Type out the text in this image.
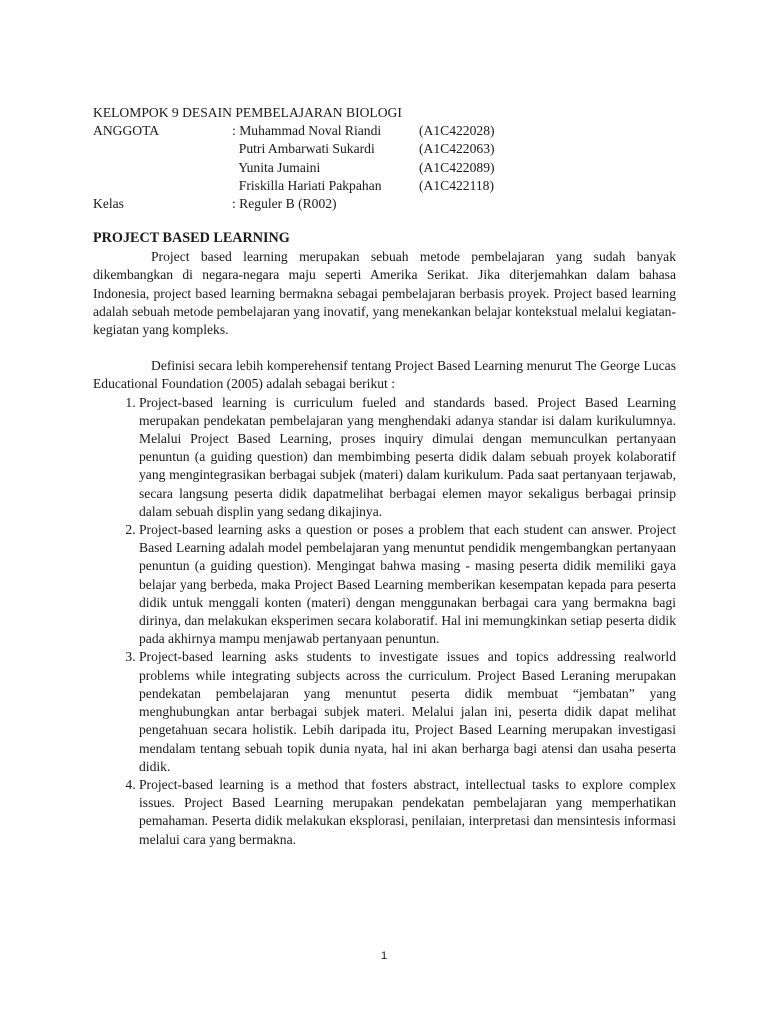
KELOMPOK 9 DESAIN PEMBELAJARAN BIOLOGI
ANGGOTA	: Muhammad Noval Riandi	(A1C422028)
Putri Ambarwati Sukardi	(A1C422063)
Yunita Jumaini	(A1C422089)
Friskilla Hariati Pakpahan	(A1C422118)
Kelas	: Reguler B (R002)
PROJECT BASED LEARNING

Project based learning merupakan sebuah metode pembelajaran yang sudah banyak dikembangkan di negara-negara maju seperti Amerika Serikat. Jika diterjemahkan dalam bahasa Indonesia, project based learning bermakna sebagai pembelajaran berbasis proyek. Project based learning adalah sebuah metode pembelajaran yang inovatif, yang menekankan belajar kontekstual melalui kegiatan-kegiatan yang kompleks.

Definisi secara lebih komperehensif tentang Project Based Learning menurut The George Lucas Educational Foundation (2005) adalah sebagai berikut :

1. Project-based learning is curriculum fueled and standards based. Project Based Learning merupakan pendekatan pembelajaran yang menghendaki adanya standar isi dalam kurikulumnya. Melalui Project Based Learning, proses inquiry dimulai dengan memunculkan pertanyaan penuntun (a guiding question) dan membimbing peserta didik dalam sebuah proyek kolaboratif yang mengintegrasikan berbagai subjek (materi) dalam kurikulum. Pada saat pertanyaan terjawab, secara langsung peserta didik dapatmelihat berbagai elemen mayor sekaligus berbagai prinsip dalam sebuah displin yang sedang dikajinya.
2. Project-based learning asks a question or poses a problem that each student can answer. Project Based Learning adalah model pembelajaran yang menuntut pendidik mengembangkan pertanyaan penuntun (a guiding question). Mengingat bahwa masing - masing peserta didik memiliki gaya belajar yang berbeda, maka Project Based Learning memberikan kesempatan kepada para peserta didik untuk menggali konten (materi) dengan menggunakan berbagai cara yang bermakna bagi dirinya, dan melakukan eksperimen secara kolaboratif. Hal ini memungkinkan setiap peserta didik pada akhirnya mampu menjawab pertanyaan penuntun.
3. Project-based learning asks students to investigate issues and topics addressing realworld problems while integrating subjects across the curriculum. Project Based Leraning merupakan pendekatan pembelajaran yang menuntut peserta didik membuat “jembatan” yang menghubungkan antar berbagai subjek materi. Melalui jalan ini, peserta didik dapat melihat pengetahuan secara holistik. Lebih daripada itu, Project Based Learning merupakan investigasi mendalam tentang sebuah topik dunia nyata, hal ini akan berharga bagi atensi dan usaha peserta didik.
4. Project-based learning is a method that fosters abstract, intellectual tasks to explore complex issues. Project Based Learning merupakan pendekatan pembelajaran yang memperhatikan pemahaman. Peserta didik melakukan eksplorasi, penilaian, interpretasi dan mensintesis informasi melalui cara yang bermakna.
1
